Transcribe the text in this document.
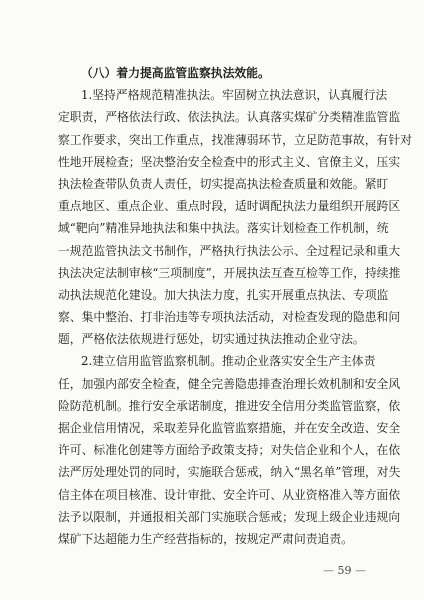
（八）着力提高监管监察执法效能。
1.坚持严格规范精准执法。牢固树立执法意识，认真履行法
定职责，严格依法行政、依法执法。认真落实煤矿分类精准监管监
察工作要求，突出工作重点，找准薄弱环节，立足防范事故，有针对
性地开展检查；坚决整治安全检查中的形式主义、官僚主义，压实
执法检查带队负责人责任，切实提高执法检查质量和效能。紧盯
重点地区、重点企业、重点时段，适时调配执法力量组织开展跨区
域“靶向”精准异地执法和集中执法。落实计划检查工作机制，统
一规范监管执法文书制作，严格执行执法公示、全过程记录和重大
执法决定法制审核“三项制度”，开展执法互查互检等工作，持续推
动执法规范化建设。加大执法力度，扎实开展重点执法、专项监
察、集中整治、打非治违等专项执法活动，对检查发现的隐患和问
题，严格依法依规进行惩处，切实通过执法推动企业守法。
2.建立信用监管监察机制。推动企业落实安全生产主体责
任，加强内部安全检查，健全完善隐患排查治理长效机制和安全风
险防范机制。推行安全承诺制度，推进安全信用分类监管监察，依
据企业信用情况，采取差异化监管监察措施，并在安全改造、安全
许可、标准化创建等方面给予政策支持；对失信企业和个人，在依
法严厉处理处罚的同时，实施联合惩戒，纳入“黑名单”管理，对失
信主体在项目核准、设计审批、安全许可、从业资格准入等方面依
法予以限制，并通报相关部门实施联合惩戒；发现上级企业违规向
煤矿下达超能力生产经营指标的，按规定严肃问责追责。
— 59 —
